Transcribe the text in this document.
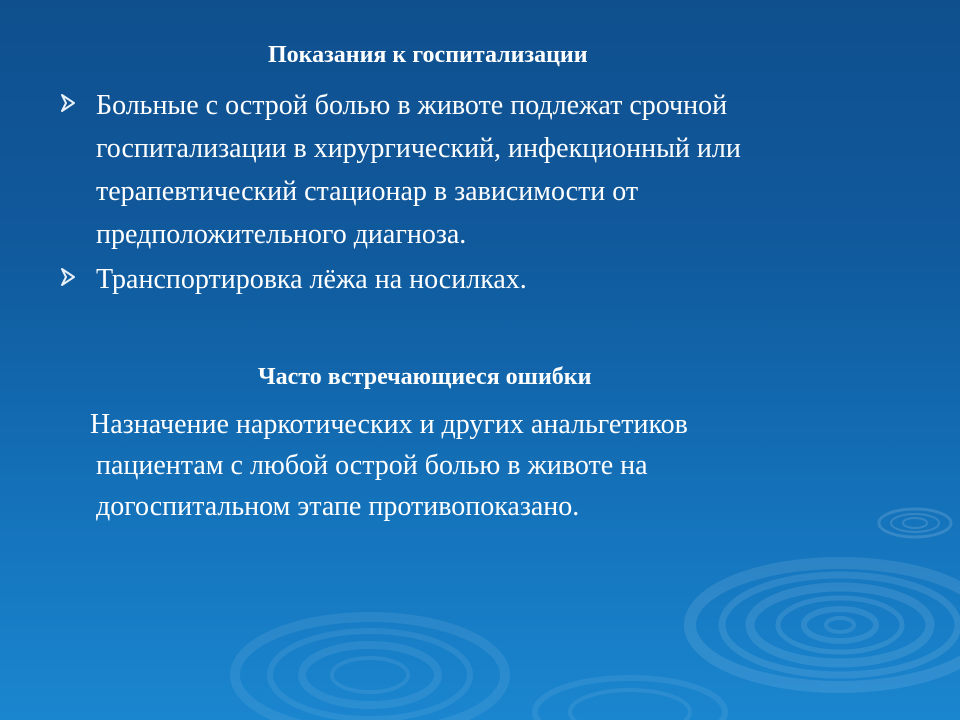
Показания к госпитализации
Больные с острой болью в животе подлежат срочной
госпитализации в хирургический, инфекционный или
терапевтический стационар в зависимости от
предположительного диагноза.
Транспортировка лёжа на носилках.
Часто встречающиеся ошибки
Назначение наркотических и других анальгетиков
пациентам с любой острой болью в животе на
догоспитальном этапе противопоказано.
